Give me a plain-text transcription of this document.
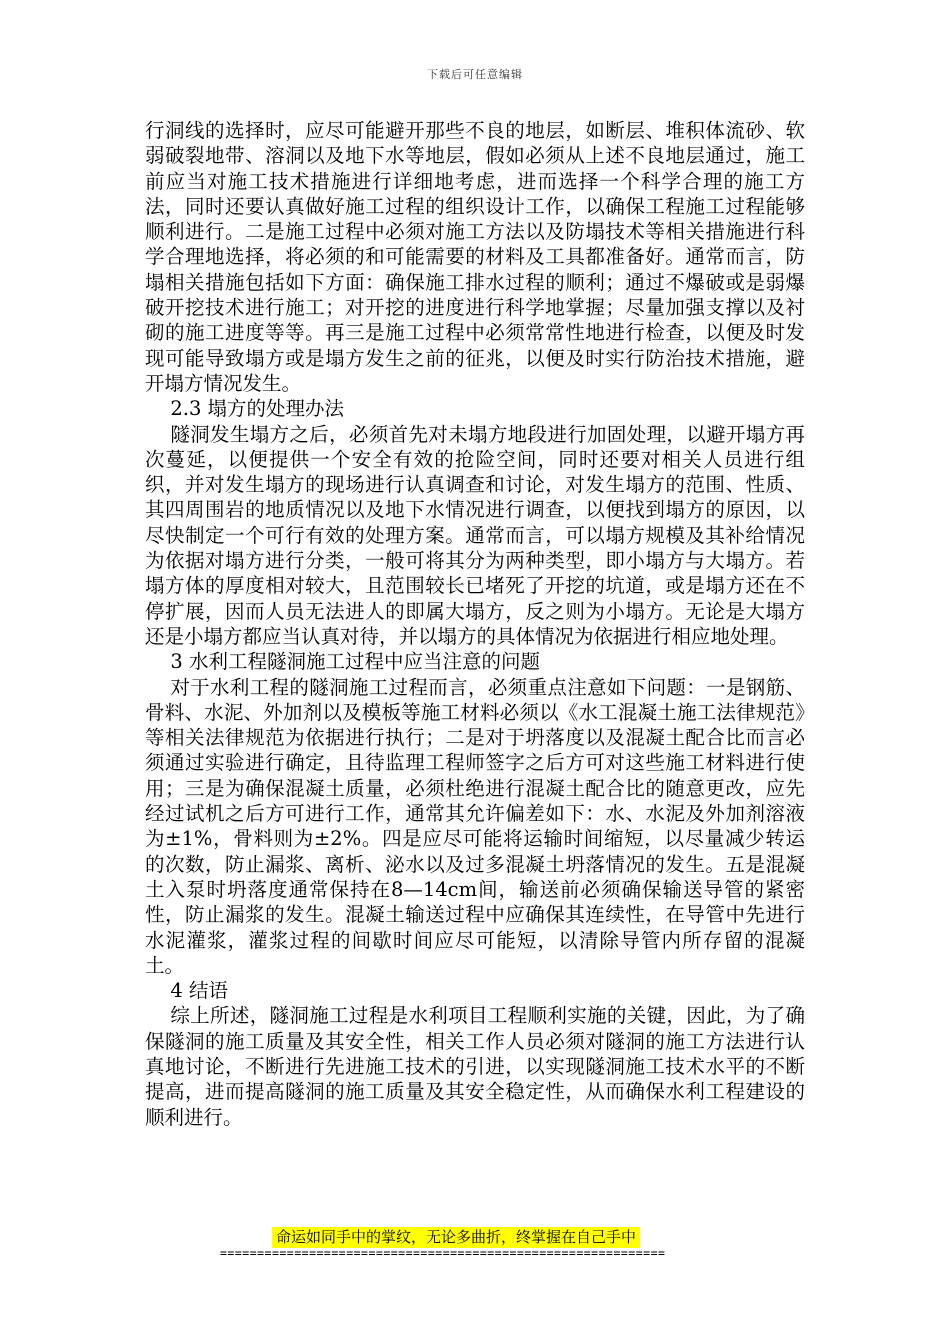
下载后可任意编辑

行洞线的选择时，应尽可能避开那些不良的地层，如断层、堆积体流砂、软弱破裂地带、溶洞以及地下水等地层，假如必须从上述不良地层通过，施工前应当对施工技术措施进行详细地考虑，进而选择一个科学合理的施工方法，同时还要认真做好施工过程的组织设计工作，以确保工程施工过程能够顺利进行。二是施工过程中必须对施工方法以及防塌技术等相关措施进行科学合理地选择，将必须的和可能需要的材料及工具都准备好。通常而言，防塌相关措施包括如下方面：确保施工排水过程的顺利；通过不爆破或是弱爆破开挖技术进行施工；对开挖的进度进行科学地掌握；尽量加强支撑以及衬砌的施工进度等等。再三是施工过程中必须常常性地进行检查，以便及时发现可能导致塌方或是塌方发生之前的征兆，以便及时实行防治技术措施，避开塌方情况发生。

2.3 塌方的处理办法

隧洞发生塌方之后，必须首先对未塌方地段进行加固处理，以避开塌方再次蔓延，以便提供一个安全有效的抢险空间，同时还要对相关人员进行组织，并对发生塌方的现场进行认真调查和讨论，对发生塌方的范围、性质、其四周围岩的地质情况以及地下水情况进行调查，以便找到塌方的原因，以尽快制定一个可行有效的处理方案。通常而言，可以塌方规模及其补给情况为依据对塌方进行分类，一般可将其分为两种类型，即小塌方与大塌方。若塌方体的厚度相对较大，且范围较长已堵死了开挖的坑道，或是塌方还在不停扩展，因而人员无法进人的即属大塌方，反之则为小塌方。无论是大塌方还是小塌方都应当认真对待，并以塌方的具体情况为依据进行相应地处理。

3 水利工程隧洞施工过程中应当注意的问题

对于水利工程的隧洞施工过程而言，必须重点注意如下问题：一是钢筋、骨料、水泥、外加剂以及模板等施工材料必须以《水工混凝土施工法律规范》等相关法律规范为依据进行执行；二是对于坍落度以及混凝土配合比而言必须通过实验进行确定，且待监理工程师签字之后方可对这些施工材料进行使用；三是为确保混凝土质量，必须杜绝进行混凝土配合比的随意更改，应先经过试机之后方可进行工作，通常其允许偏差如下：水、水泥及外加剂溶液为±1%，骨料则为±2%。四是应尽可能将运输时间缩短，以尽量减少转运的次数，防止漏浆、离析、泌水以及过多混凝土坍落情况的发生。五是混凝土入泵时坍落度通常保持在8—14cm间，输送前必须确保输送导管的紧密性，防止漏浆的发生。混凝土输送过程中应确保其连续性，在导管中先进行水泥灌浆，灌浆过程的间歇时间应尽可能短，以清除导管内所存留的混凝土。

4 结语

综上所述，隧洞施工过程是水利项目工程顺利实施的关键，因此，为了确保隧洞的施工质量及其安全性，相关工作人员必须对隧洞的施工方法进行认真地讨论，不断进行先进施工技术的引进，以实现隧洞施工技术水平的不断提高，进而提高隧洞的施工质量及其安全稳定性，从而确保水利工程建设的顺利进行。

命运如同手中的掌纹，无论多曲折，终掌握在自己手中
============================================================
